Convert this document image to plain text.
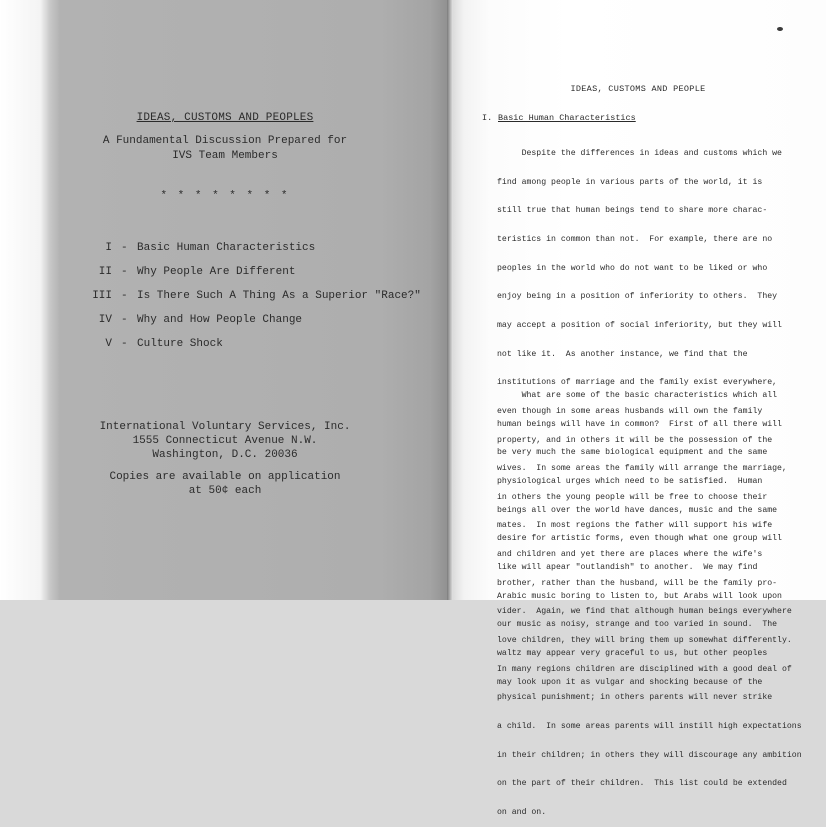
IDEAS, CUSTOMS AND PEOPLES
A Fundamental Discussion Prepared for
IVS Team Members
* * * * * * * *
I - Basic Human Characteristics
II - Why People Are Different
III - Is There Such A Thing As a Superior "Race?"
IV - Why and How People Change
V - Culture Shock
International Voluntary Services, Inc.
1555 Connecticut Avenue N.W.
Washington, D.C. 20036
Copies are available on application
at 50¢ each
IDEAS, CUSTOMS AND PEOPLE
I. Basic Human Characteristics

Despite the differences in ideas and customs which we

find among people in various parts of the world, it is

still true that human beings tend to share more charac-

teristics in common than not.  For example, there are no

peoples in the world who do not want to be liked or who

enjoy being in a position of inferiority to others.  They

may accept a position of social inferiority, but they will

not like it.  As another instance, we find that the

institutions of marriage and the family exist everywhere,

even though in some areas husbands will own the family

property, and in others it will be the possession of the

wives.  In some areas the family will arrange the marriage,

in others the young people will be free to choose their

mates.  In most regions the father will support his wife

and children and yet there are places where the wife's

brother, rather than the husband, will be the family pro-

vider.  Again, we find that although human beings everywhere

love children, they will bring them up somewhat differently.

In many regions children are disciplined with a good deal of

physical punishment; in others parents will never strike

a child.  In some areas parents will instill high expectations

in their children; in others they will discourage any ambition

on the part of their children.  This list could be extended

on and on.

What are some of the basic characteristics which all

human beings will have in common?  First of all there will

be very much the same biological equipment and the same

physiological urges which need to be satisfied.  Human

beings all over the world have dances, music and the same

desire for artistic forms, even though what one group will

like will apear "outlandish" to another.  We may find

Arabic music boring to listen to, but Arabs will look upon

our music as noisy, strange and too varied in sound.  The

waltz may appear very graceful to us, but other peoples

may look upon it as vulgar and shocking because of the
